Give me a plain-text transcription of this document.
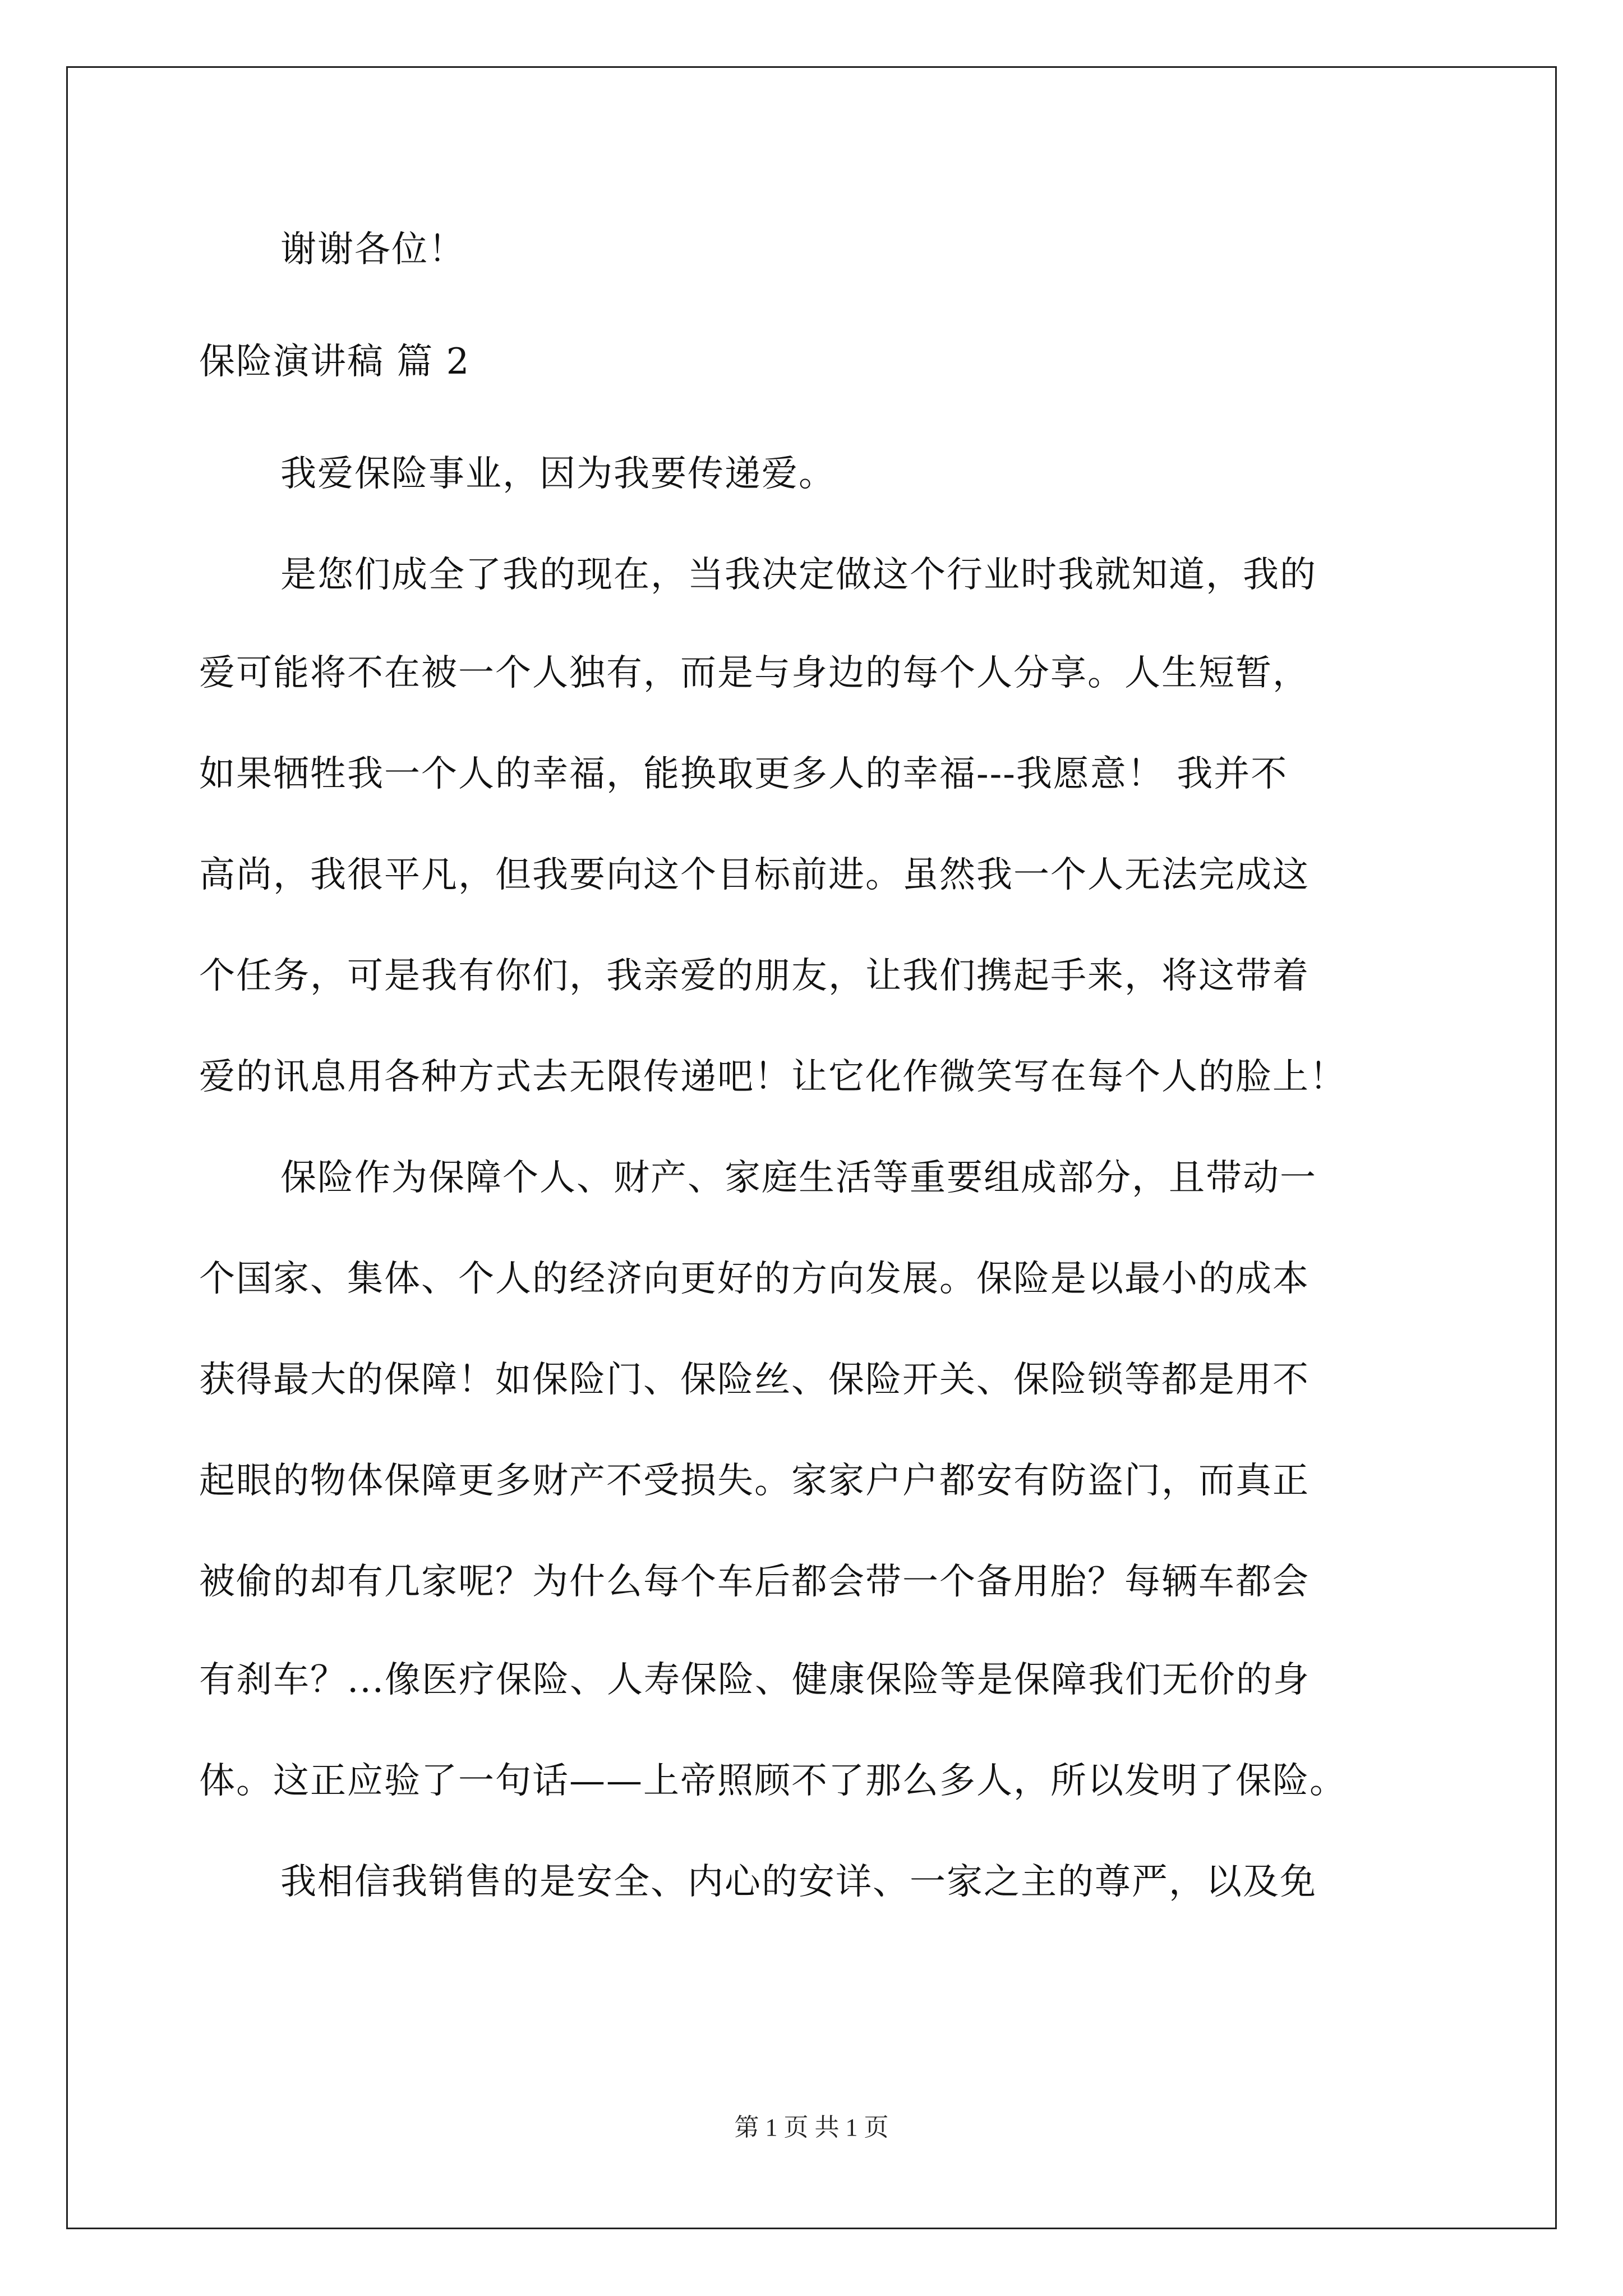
谢谢各位！
保险演讲稿 篇 2
我爱保险事业，因为我要传递爱。
是您们成全了我的现在，当我决定做这个行业时我就知道，我的
爱可能将不在被一个人独有，而是与身边的每个人分享。人生短暂，
如果牺牲我一个人的幸福，能换取更多人的幸福---我愿意！ 我并不
高尚，我很平凡，但我要向这个目标前进。虽然我一个人无法完成这
个任务，可是我有你们，我亲爱的朋友，让我们携起手来，将这带着
爱的讯息用各种方式去无限传递吧！让它化作微笑写在每个人的脸上！
保险作为保障个人、财产、家庭生活等重要组成部分，且带动一
个国家、集体、个人的经济向更好的方向发展。保险是以最小的成本
获得最大的保障！如保险门、保险丝、保险开关、保险锁等都是用不
起眼的物体保障更多财产不受损失。家家户户都安有防盗门，而真正
被偷的却有几家呢？为什么每个车后都会带一个备用胎？每辆车都会
有刹车？...像医疗保险、人寿保险、健康保险等是保障我们无价的身
体。这正应验了一句话——上帝照顾不了那么多人，所以发明了保险。
我相信我销售的是安全、内心的安详、一家之主的尊严，以及免
第 1 页 共 1 页
